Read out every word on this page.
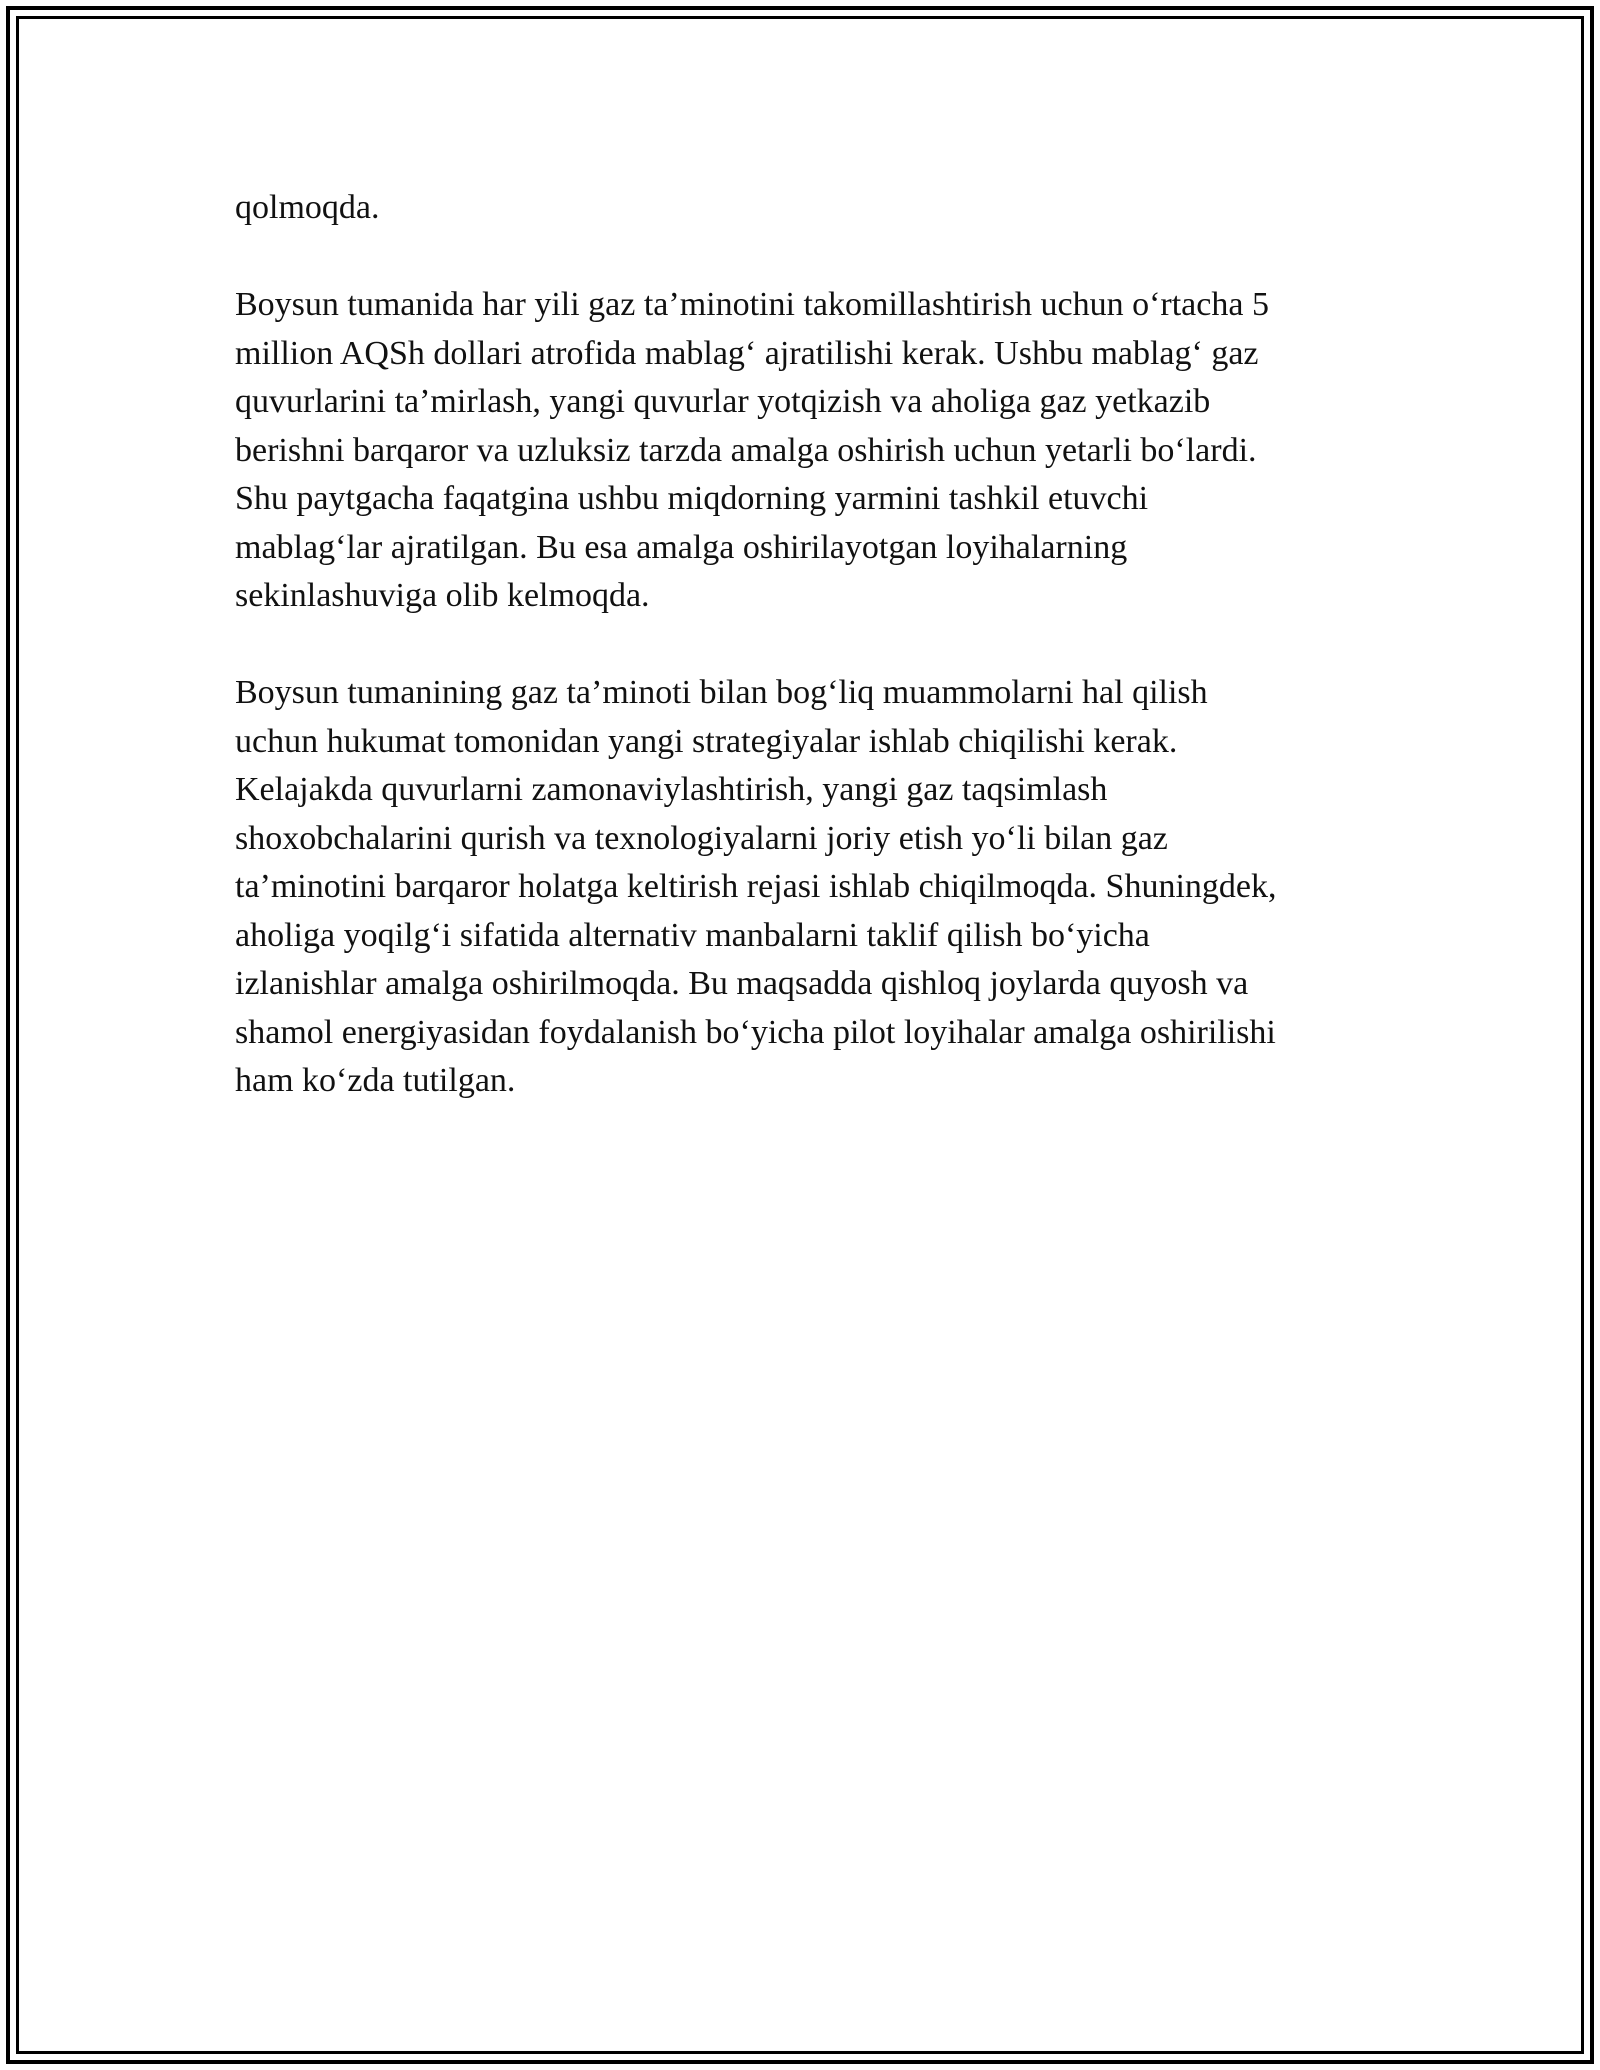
qolmoqda.

Boysun tumanida har yili gaz ta’minotini takomillashtirish uchun o‘rtacha 5
million AQSh dollari atrofida mablag‘ ajratilishi kerak. Ushbu mablag‘ gaz
quvurlarini ta’mirlash, yangi quvurlar yotqizish va aholiga gaz yetkazib
berishni barqaror va uzluksiz tarzda amalga oshirish uchun yetarli bo‘lardi.
Shu paytgacha faqatgina ushbu miqdorning yarmini tashkil etuvchi
mablag‘lar ajratilgan. Bu esa amalga oshirilayotgan loyihalarning
sekinlashuviga olib kelmoqda.

Boysun tumanining gaz ta’minoti bilan bog‘liq muammolarni hal qilish
uchun hukumat tomonidan yangi strategiyalar ishlab chiqilishi kerak.
Kelajakda quvurlarni zamonaviylashtirish, yangi gaz taqsimlash
shoxobchalarini qurish va texnologiyalarni joriy etish yo‘li bilan gaz
ta’minotini barqaror holatga keltirish rejasi ishlab chiqilmoqda. Shuningdek,
aholiga yoqilg‘i sifatida alternativ manbalarni taklif qilish bo‘yicha
izlanishlar amalga oshirilmoqda. Bu maqsadda qishloq joylarda quyosh va
shamol energiyasidan foydalanish bo‘yicha pilot loyihalar amalga oshirilishi
ham ko‘zda tutilgan.
